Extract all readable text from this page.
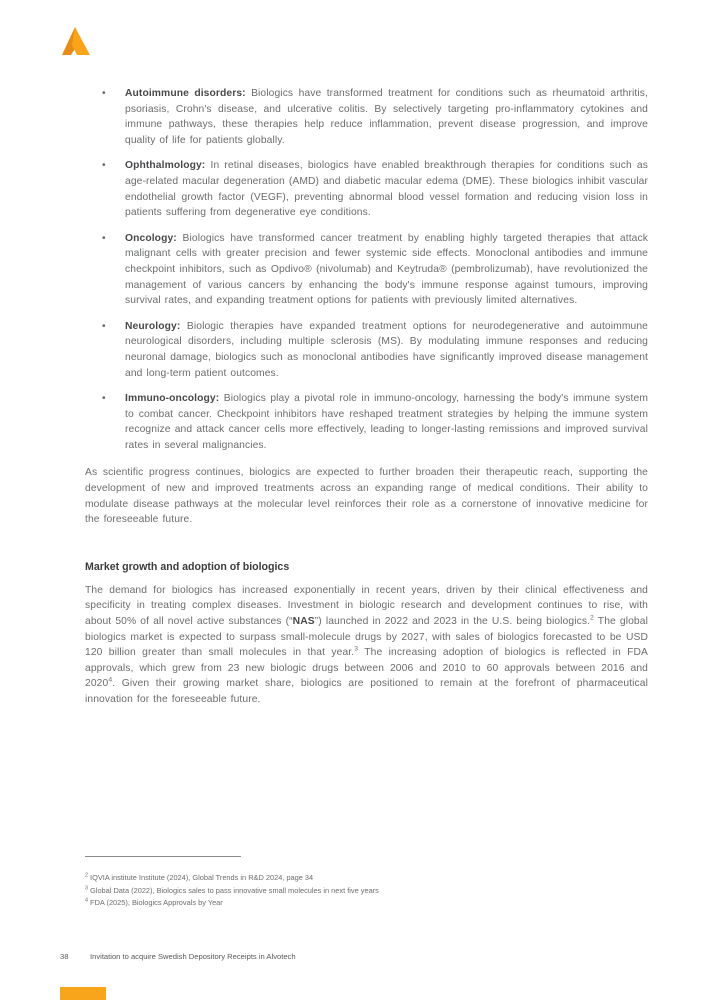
•	Autoimmune disorders: Biologics have transformed treatment for conditions such as rheumatoid arthritis, psoriasis, Crohn's disease, and ulcerative colitis. By selectively targeting pro-inflammatory cytokines and immune pathways, these therapies help reduce inflammation, prevent disease progression, and improve quality of life for patients globally.
•	Ophthalmology: In retinal diseases, biologics have enabled breakthrough therapies for conditions such as age-related macular degeneration (AMD) and diabetic macular edema (DME). These biologics inhibit vascular endothelial growth factor (VEGF), preventing abnormal blood vessel formation and reducing vision loss in patients suffering from degenerative eye conditions.
•	Oncology: Biologics have transformed cancer treatment by enabling highly targeted therapies that attack malignant cells with greater precision and fewer systemic side effects. Monoclonal antibodies and immune checkpoint inhibitors, such as Opdivo® (nivolumab) and Keytruda® (pembrolizumab), have revolutionized the management of various cancers by enhancing the body's immune response against tumours, improving survival rates, and expanding treatment options for patients with previously limited alternatives.
•	Neurology: Biologic therapies have expanded treatment options for neurodegenerative and autoimmune neurological disorders, including multiple sclerosis (MS). By modulating immune responses and reducing neuronal damage, biologics such as monoclonal antibodies have significantly improved disease management and long-term patient outcomes.
•	Immuno-oncology: Biologics play a pivotal role in immuno-oncology, harnessing the body's immune system to combat cancer. Checkpoint inhibitors have reshaped treatment strategies by helping the immune system recognize and attack cancer cells more effectively, leading to longer-lasting remissions and improved survival rates in several malignancies.

As scientific progress continues, biologics are expected to further broaden their therapeutic reach, supporting the development of new and improved treatments across an expanding range of medical conditions. Their ability to modulate disease pathways at the molecular level reinforces their role as a cornerstone of innovative medicine for the foreseeable future.

Market growth and adoption of biologics

The demand for biologics has increased exponentially in recent years, driven by their clinical effectiveness and specificity in treating complex diseases. Investment in biologic research and development continues to rise, with about 50% of all novel active substances (“NAS”) launched in 2022 and 2023 in the U.S. being biologics.$^2$ The global biologics market is expected to surpass small-molecule drugs by 2027, with sales of biologics forecasted to be USD 120 billion greater than small molecules in that year.$^3$ The increasing adoption of biologics is reflected in FDA approvals, which grew from 23 new biologic drugs between 2006 and 2010 to 60 approvals between 2016 and 2020$^4$. Given their growing market share, biologics are positioned to remain at the forefront of pharmaceutical innovation for the foreseeable future.

$^2$ IQVIA institute Institute (2024), Global Trends in R&D 2024, page 34
$^3$ Global Data (2022), Biologics sales to pass innovative small molecules in next five years
$^4$ FDA (2025), Biologics Approvals by Year
38	Invitation to acquire Swedish Depository Receipts in Alvotech
